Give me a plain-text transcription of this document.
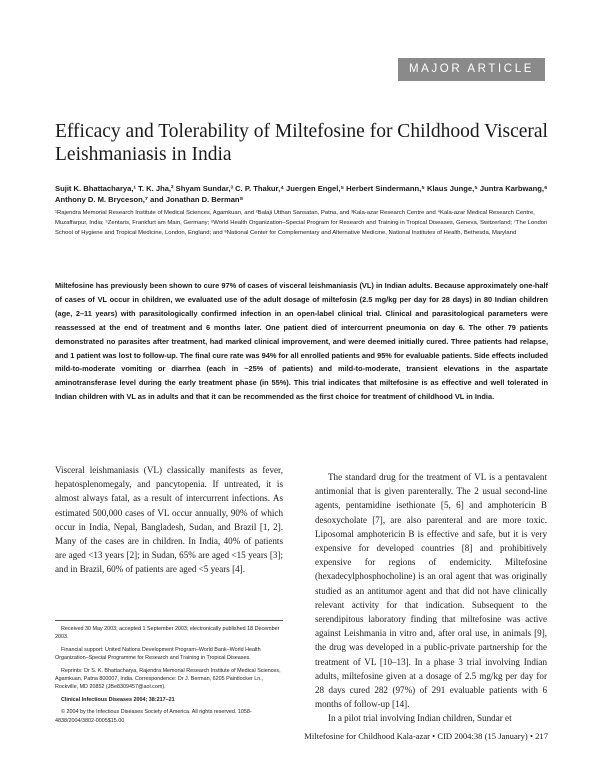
MAJOR ARTICLE
Efficacy and Tolerability of Miltefosine for Childhood Visceral Leishmaniasis in India
Sujit K. Bhattacharya,¹ T. K. Jha,² Shyam Sundar,³ C. P. Thakur,⁴ Juergen Engel,⁵ Herbert Sindermann,⁵ Klaus Junge,⁵ Juntra Karbwang,⁶ Anthony D. M. Bryceson,⁷ and Jonathan D. Berman⁸
¹Rajendra Memorial Research Institute of Medical Sciences, Agamkuan, and ²Balaji Utthan Sansatan, Patna, and ³Kala-azar Research Centre and ⁴Kala-azar Medical Research Centre, Muzaffarpur, India; ⁵Zentaris, Frankfurt am Main, Germany; ⁶World Health Organization–Special Program for Research and Training in Tropical Diseases, Geneva, Switzerland; ⁷The London School of Hygiene and Tropical Medicine, London, England; and ⁸National Center for Complementary and Alternative Medicine, National Institutes of Health, Bethesda, Maryland
Miltefosine has previously been shown to cure 97% of cases of visceral leishmaniasis (VL) in Indian adults. Because approximately one-half of cases of VL occur in children, we evaluated use of the adult dosage of miltefosin (2.5 mg/kg per day for 28 days) in 80 Indian children (age, 2–11 years) with parasitologically confirmed infection in an open-label clinical trial. Clinical and parasitological parameters were reassessed at the end of treatment and 6 months later. One patient died of intercurrent pneumonia on day 6. The other 79 patients demonstrated no parasites after treatment, had marked clinical improvement, and were deemed initially cured. Three patients had relapse, and 1 patient was lost to follow-up. The final cure rate was 94% for all enrolled patients and 95% for evaluable patients. Side effects included mild-to-moderate vomiting or diarrhea (each in ~25% of patients) and mild-to-moderate, transient elevations in the aspartate aminotransferase level during the early treatment phase (in 55%). This trial indicates that miltefosine is as effective and well tolerated in Indian children with VL as in adults and that it can be recommended as the first choice for treatment of childhood VL in India.

Visceral leishmaniasis (VL) classically manifests as fever, hepatosplenomegaly, and pancytopenia. If untreated, it is almost always fatal, as a result of intercurrent infections. As estimated 500,000 cases of VL occur annually, 90% of which occur in India, Nepal, Bangladesh, Sudan, and Brazil [1, 2]. Many of the cases are in children. In India, 40% of patients are aged <13 years [2]; in Sudan, 65% are aged <15 years [3]; and in Brazil, 60% of patients are aged <5 years [4].

The standard drug for the treatment of VL is a pentavalent antimonial that is given parenterally. The 2 usual second-line agents, pentamidine isethionate [5, 6] and amphotericin B desoxycholate [7], are also parenteral and are more toxic. Liposomal amphotericin B is effective and safe, but it is very expensive for developed countries [8] and prohibitively expensive for regions of endemicity. Miltefosine (hexadecylphosphocholine) is an oral agent that was originally studied as an antitumor agent and that did not have clinically relevant activity for that indication. Subsequent to the serendipitous laboratory finding that miltefosine was active against Leishmania in vitro and, after oral use, in animals [9], the drug was developed in a public-private partnership for the treatment of VL [10–13]. In a phase 3 trial involving Indian adults, miltefosine given at a dosage of 2.5 mg/kg per day for 28 days cured 282 (97%) of 291 evaluable patients with 6 months of follow-up [14].

In a pilot trial involving Indian children, Sundar et

Received 30 May 2003; accepted 1 September 2003; electronically published 18 December 2003.

Financial support: United Nations Development Program–World Bank–World Health Organization–Special Programme for Research and Training in Tropical Diseases.

Reprints: Dr S. K. Bhattacharya, Rajendra Memorial Research Institute of Medical Sciences, Agamkuan, Patna 800007, India. Correspondence: Dr J. Berman, 6205 Paintlocker Ln., Rockville, MD 20852 (JBe8309457@aol.com).

Clinical Infectious Diseases 2004; 38:217–21

© 2004 by the Infectious Diseases Society of America. All rights reserved. 1058-4838/2004/3802-0005$15.00

Miltefosine for Childhood Kala-azar • CID 2004:38 (15 January) • 217
